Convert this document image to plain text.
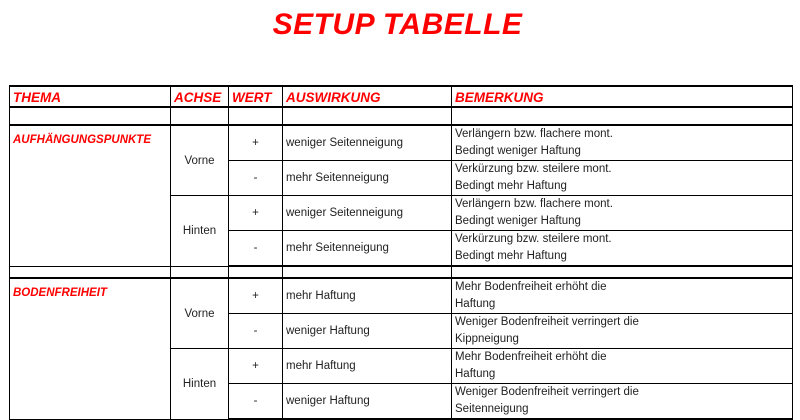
SETUP TABELLE
THEMA	ACHSE	WERT	AUSWIRKUNG	BEMERKUNG

AUFHÄNGUNGSPUNKTE	Vorne	+	weniger Seitenneigung	Verlängern bzw. flachere mont.
Bedingt weniger Haftung

		-	mehr Seitenneigung	Verkürzung bzw. steilere mont.
Bedingt mehr Haftung

	Hinten	+	weniger Seitenneigung	Verlängern bzw. flachere mont.
Bedingt weniger Haftung

		-	mehr Seitenneigung	Verkürzung bzw. steilere mont.
Bedingt mehr Haftung

BODENFREIHEIT	Vorne	+	mehr Haftung	Mehr Bodenfreiheit erhöht die
Haftung

		-	weniger Haftung	Weniger Bodenfreiheit verringert die
Kippneigung

	Hinten	+	mehr Haftung	Mehr Bodenfreiheit erhöht die
Haftung

		-	weniger Haftung	Weniger Bodenfreiheit verringert die
Seitenneigung
